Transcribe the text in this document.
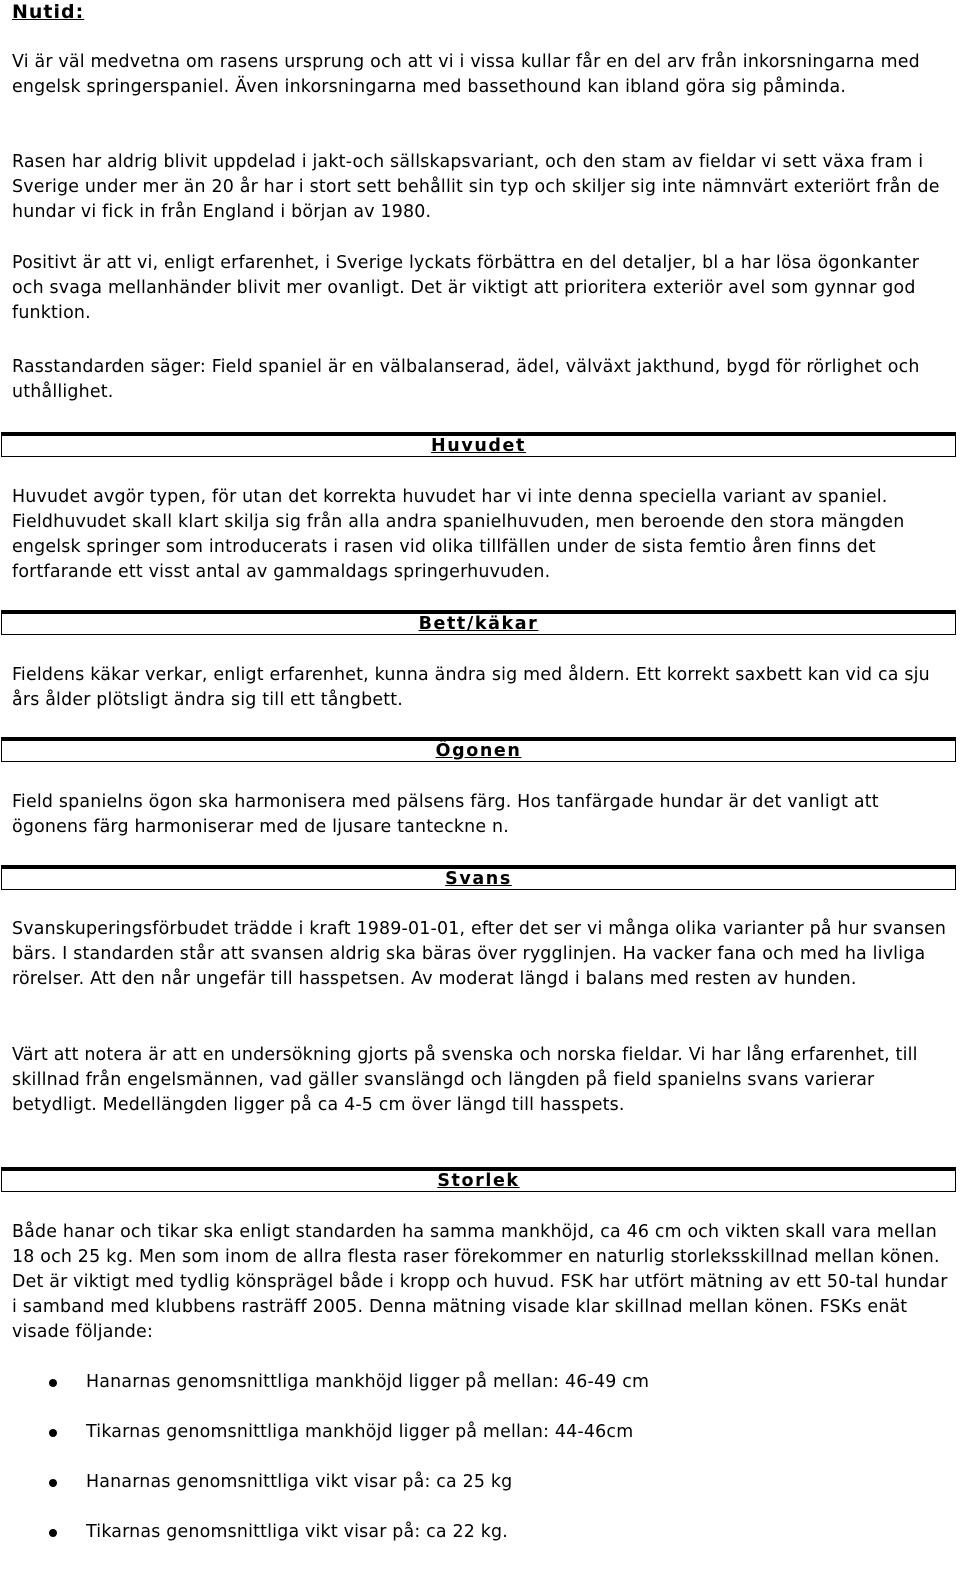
Nutid:

Vi är väl medvetna om rasens ursprung och att vi i vissa kullar får en del arv från inkorsningarna med engelsk springerspaniel. Även inkorsningarna med bassethound kan ibland göra sig påminda.

Rasen har aldrig blivit uppdelad i jakt-och sällskapsvariant, och den stam av fieldar vi sett växa fram i Sverige under mer än 20 år har i stort sett behållit sin typ och skiljer sig inte nämnvärt exteriört från de hundar vi fick in från England i början av 1980.

Positivt är att vi, enligt erfarenhet, i Sverige lyckats förbättra en del detaljer, bl a har lösa ögonkanter och svaga mellanhänder blivit mer ovanligt. Det är viktigt att prioritera exteriör avel som gynnar god funktion.

Rasstandarden säger: Field spaniel är en välbalanserad, ädel, välväxt jakthund, bygd för rörlighet och uthållighet.

Huvudet

Huvudet avgör typen, för utan det korrekta huvudet har vi inte denna speciella variant av spaniel. Fieldhuvudet skall klart skilja sig från alla andra spanielhuvuden, men beroende den stora mängden engelsk springer som introducerats i rasen vid olika tillfällen under de sista femtio åren finns det fortfarande ett visst antal av gammaldags springerhuvuden.

Bett/käkar

Fieldens käkar verkar, enligt erfarenhet, kunna ändra sig med åldern. Ett korrekt saxbett kan vid ca sju års ålder plötsligt ändra sig till ett tångbett.

Ögonen

Field spanielns ögon ska harmonisera med pälsens färg. Hos tanfärgade hundar är det vanligt att ögonens färg harmoniserar med de ljusare tanteckne n.

Svans

Svanskuperingsförbudet trädde i kraft 1989-01-01, efter det ser vi många olika varianter på hur svansen bärs. I standarden står att svansen aldrig ska bäras över rygglinjen. Ha vacker fana och med ha livliga rörelser. Att den når ungefär till hasspetsen. Av moderat längd i balans med resten av hunden.

Värt att notera är att en undersökning gjorts på svenska och norska fieldar. Vi har lång erfarenhet, till skillnad från engelsmännen, vad gäller svanslängd och längden på field spanielns svans varierar betydligt. Medellängden ligger på ca 4-5 cm över längd till hasspets.

Storlek

Både hanar och tikar ska enligt standarden ha samma mankhöjd, ca 46 cm och vikten skall vara mellan 18 och 25 kg. Men som inom de allra flesta raser förekommer en naturlig storleksskillnad mellan könen. Det är viktigt med tydlig könsprägel både i kropp och huvud. FSK har utfört mätning av ett 50-tal hundar i samband med klubbens rasträff 2005. Denna mätning visade klar skillnad mellan könen. FSKs enät visade följande:

Hanarnas genomsnittliga mankhöjd ligger på mellan: 46-49 cm
Tikarnas genomsnittliga mankhöjd ligger på mellan: 44-46cm
Hanarnas genomsnittliga vikt visar på: ca 25 kg
Tikarnas genomsnittliga vikt visar på: ca 22 kg.
